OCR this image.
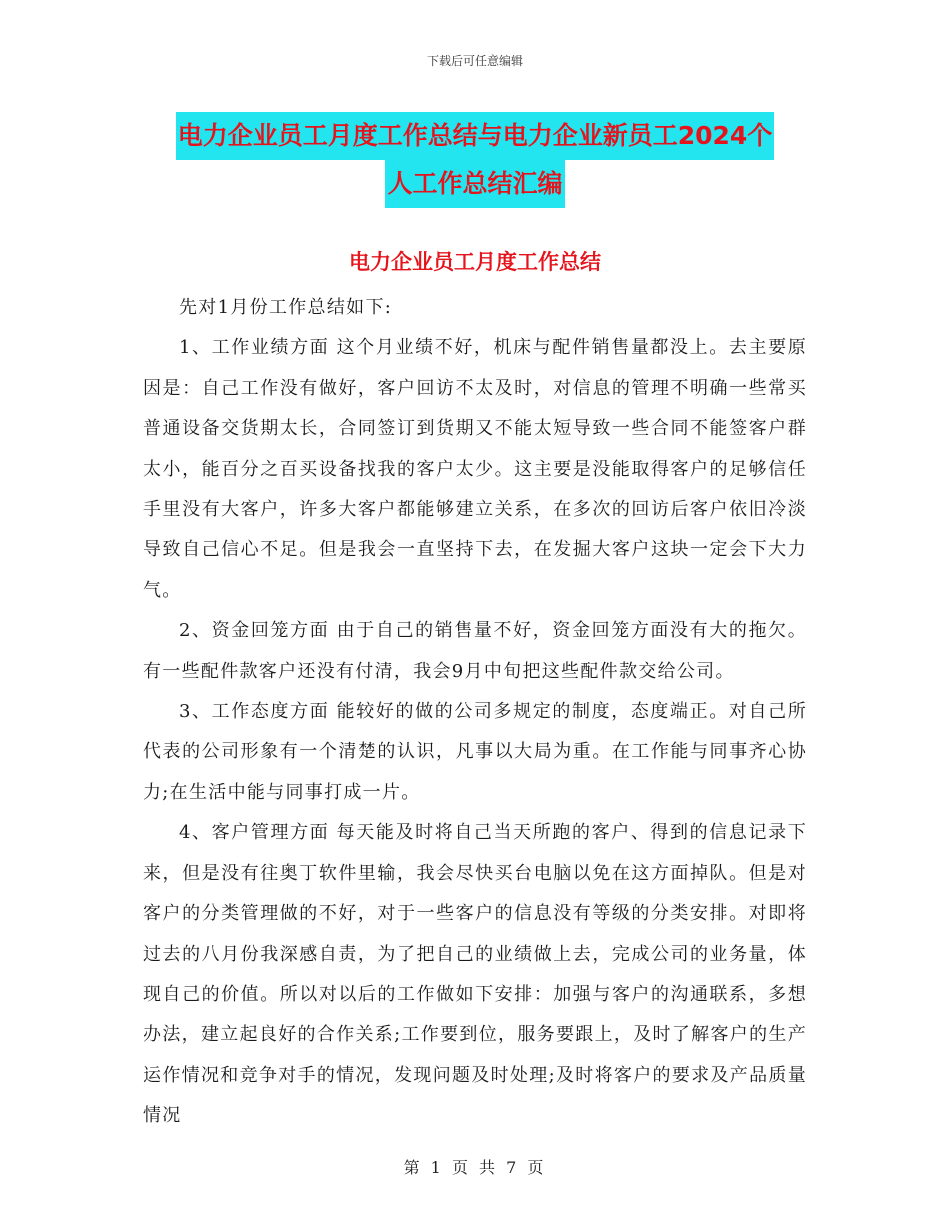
下载后可任意编辑
电力企业员工月度工作总结与电力企业新员工2024个
人工作总结汇编
电力企业员工月度工作总结

先对1月份工作总结如下:

1、工作业绩方面 这个月业绩不好，机床与配件销售量都没上。去主要原因是：自己工作没有做好，客户回访不太及时，对信息的管理不明确一些常买普通设备交货期太长，合同签订到货期又不能太短导致一些合同不能签客户群太小，能百分之百买设备找我的客户太少。这主要是没能取得客户的足够信任手里没有大客户，许多大客户都能够建立关系，在多次的回访后客户依旧冷淡导致自己信心不足。但是我会一直坚持下去，在发掘大客户这块一定会下大力气。

2、资金回笼方面 由于自己的销售量不好，资金回笼方面没有大的拖欠。有一些配件款客户还没有付清，我会9月中旬把这些配件款交给公司。

3、工作态度方面 能较好的做的公司多规定的制度，态度端正。对自己所代表的公司形象有一个清楚的认识，凡事以大局为重。在工作能与同事齐心协力;在生活中能与同事打成一片。

4、客户管理方面 每天能及时将自己当天所跑的客户、得到的信息记录下来，但是没有往奥丁软件里输，我会尽快买台电脑以免在这方面掉队。但是对客户的分类管理做的不好，对于一些客户的信息没有等级的分类安排。对即将过去的八月份我深感自责，为了把自己的业绩做上去，完成公司的业务量，体现自己的价值。所以对以后的工作做如下安排：加强与客户的沟通联系，多想办法，建立起良好的合作关系;工作要到位，服务要跟上，及时了解客户的生产运作情况和竞争对手的情况，发现问题及时处理;及时将客户的要求及产品质量情况

第 1 页 共 7 页
